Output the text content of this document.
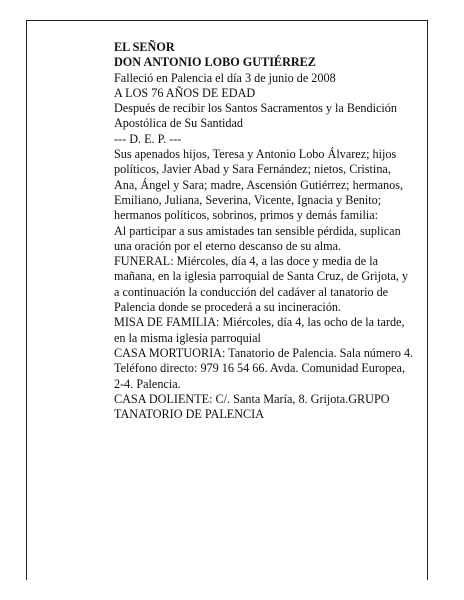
EL SEÑOR

DON ANTONIO LOBO GUTIÉRREZ

Falleció en Palencia el día 3 de junio de 2008

A LOS 76 AÑOS DE EDAD

Después de recibir los Santos Sacramentos y la Bendición Apostólica de Su Santidad

--- D. E. P. ---

Sus apenados hijos, Teresa y Antonio Lobo Álvarez; hijos políticos, Javier Abad y Sara Fernández; nietos, Cristina, Ana, Ángel y Sara; madre, Ascensión Gutiérrez; hermanos, Emiliano, Juliana, Severina, Vicente, Ignacia y Benito; hermanos políticos, sobrinos, primos y demás familia:

Al participar a sus amistades tan sensible pérdida, suplican una oración por el eterno descanso de su alma.

FUNERAL: Miércoles, día 4, a las doce y media de la mañana, en la iglesia parroquial de Santa Cruz, de Grijota, y a continuación la conducción del cadáver al tanatorio de Palencia donde se procederá a su incineración.

MISA DE FAMILIA: Miércoles, día 4, las ocho de la tarde, en la misma iglesia parroquial

CASA MORTUORIA: Tanatorio de Palencia. Sala número 4. Teléfono directo: 979 16 54 66. Avda. Comunidad Europea, 2-4. Palencia.

CASA DOLIENTE: C/. Santa María, 8. Grijota.GRUPO TANATORIO DE PALENCIA
